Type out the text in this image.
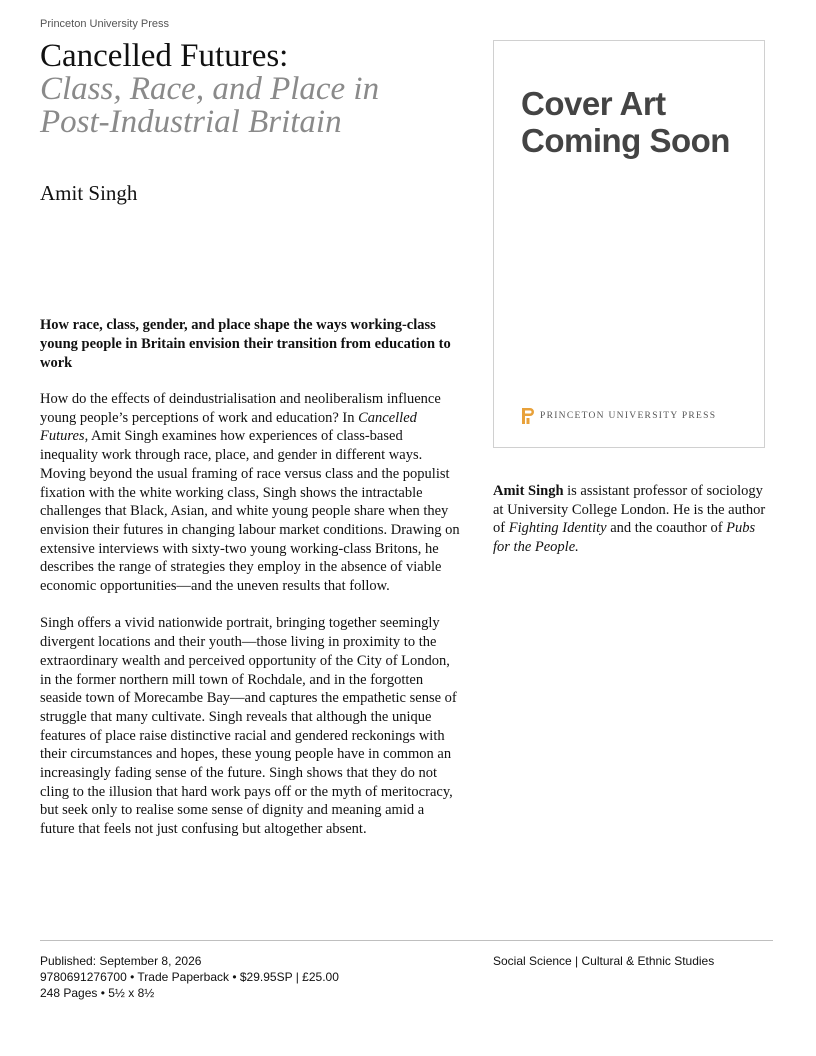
Princeton University Press
Cancelled Futures:
Class, Race, and Place in
Post-Industrial Britain
Amit Singh
How race, class, gender, and place shape the ways working-class young people in Britain envision their transition from education to work

How do the effects of deindustrialisation and neoliberalism influence young people’s perceptions of work and education? In Cancelled Futures, Amit Singh examines how experiences of class-based inequality work through race, place, and gender in different ways. Moving beyond the usual framing of race versus class and the populist fixation with the white working class, Singh shows the intractable challenges that Black, Asian, and white young people share when they envision their futures in changing labour market conditions. Drawing on extensive interviews with sixty-two young working-class Britons, he describes the range of strategies they employ in the absence of viable economic opportunities—and the uneven results that follow.

Singh offers a vivid nationwide portrait, bringing together seemingly divergent locations and their youth—those living in proximity to the extraordinary wealth and perceived opportunity of the City of London, in the former northern mill town of Rochdale, and in the forgotten seaside town of Morecambe Bay—and captures the empathetic sense of struggle that many cultivate. Singh reveals that although the unique features of place raise distinctive racial and gendered reckonings with their circumstances and hopes, these young people have in common an increasingly fading sense of the future. Singh shows that they do not cling to the illusion that hard work pays off or the myth of meritocracy, but seek only to realise some sense of dignity and meaning amid a future that feels not just confusing but altogether absent.

Cover Art
Coming Soon
PRINCETON UNIVERSITY PRESS
Amit Singh is assistant professor of sociology at University College London. He is the author of Fighting Identity and the coauthor of Pubs for the People.
Published: September 8, 2026
9780691276700 • Trade Paperback • $29.95SP | £25.00
248 Pages • 5½ x 8½
Social Science | Cultural & Ethnic Studies
